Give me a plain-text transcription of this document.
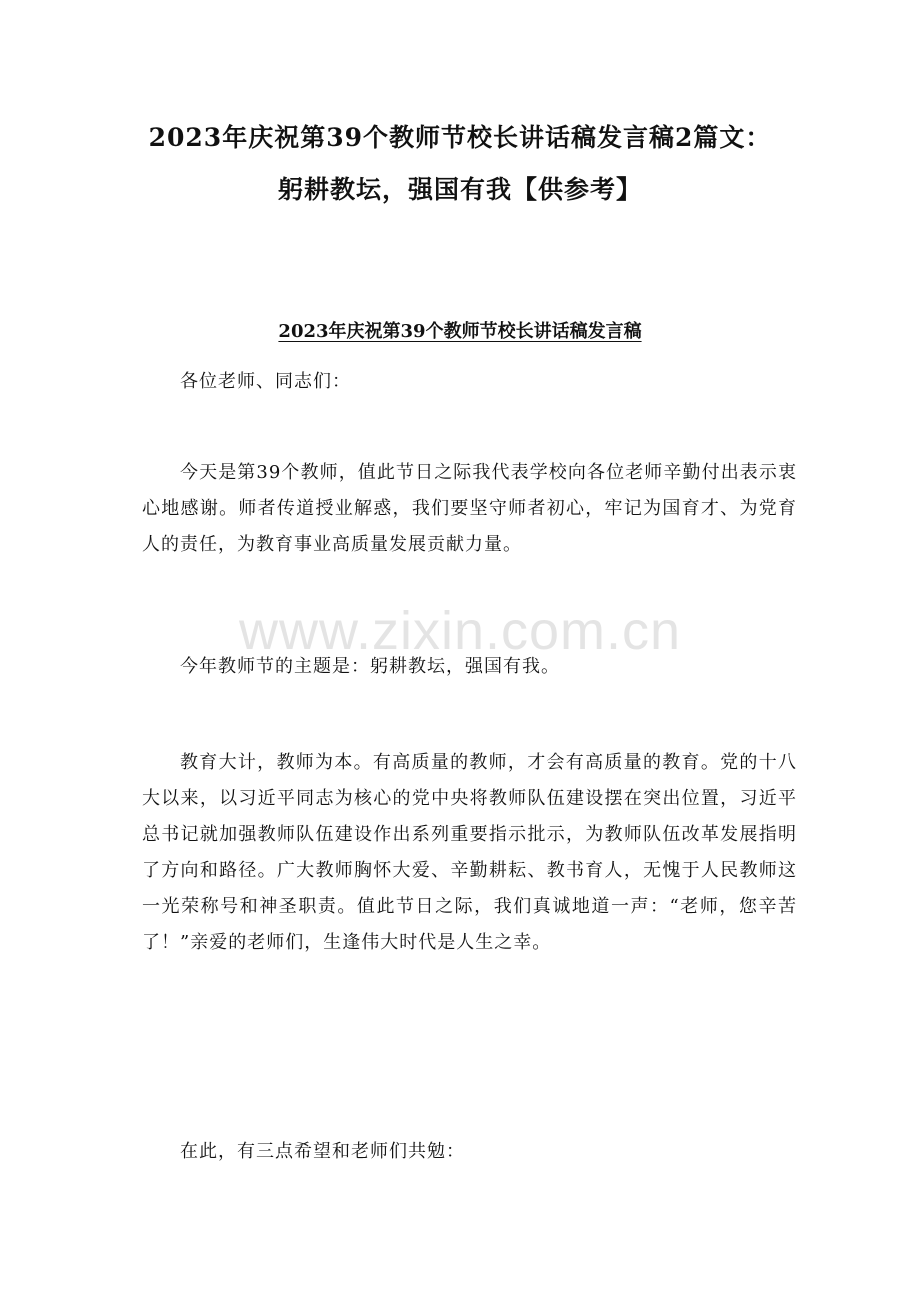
2023年庆祝第39个教师节校长讲话稿发言稿2篇文：
躬耕教坛，强国有我【供参考】
2023年庆祝第39个教师节校长讲话稿发言稿
各位老师、同志们：
今天是第39个教师，值此节日之际我代表学校向各位老师辛勤付出表示衷心地感谢。师者传道授业解惑，我们要坚守师者初心，牢记为国育才、为党育人的责任，为教育事业高质量发展贡献力量。
今年教师节的主题是：躬耕教坛，强国有我。
教育大计，教师为本。有高质量的教师，才会有高质量的教育。党的十八大以来，以习近平同志为核心的党中央将教师队伍建设摆在突出位置，习近平总书记就加强教师队伍建设作出系列重要指示批示，为教师队伍改革发展指明了方向和路径。广大教师胸怀大爱、辛勤耕耘、教书育人，无愧于人民教师这一光荣称号和神圣职责。值此节日之际，我们真诚地道一声：“老师，您辛苦了！”亲爱的老师们，生逢伟大时代是人生之幸。
在此，有三点希望和老师们共勉：
www.zixin.com.cn
